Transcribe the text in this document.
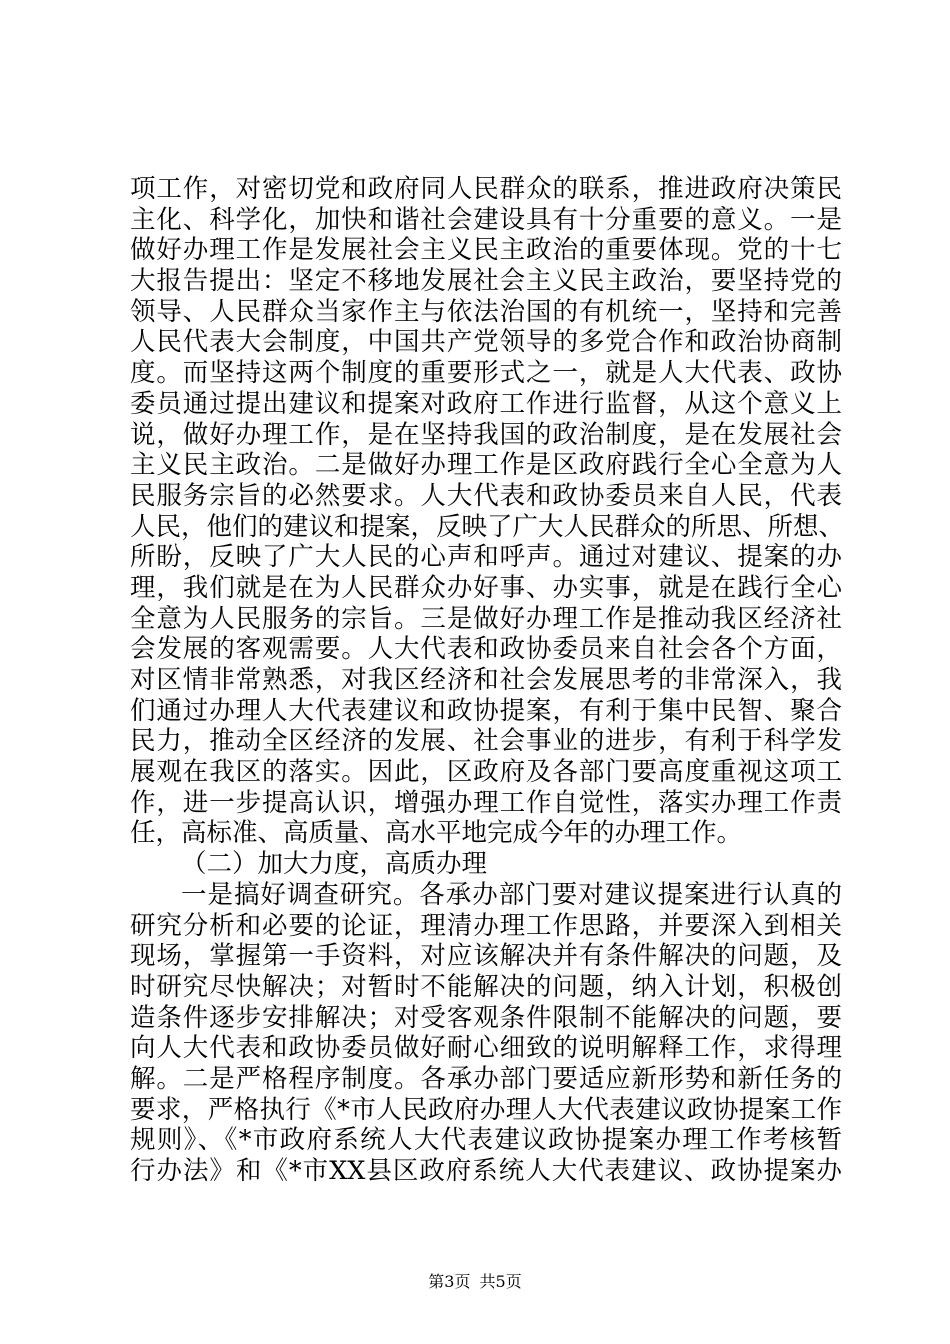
项工作，对密切党和政府同人民群众的联系，推进政府决策民
主化、科学化，加快和谐社会建设具有十分重要的意义。一是
做好办理工作是发展社会主义民主政治的重要体现。党的十七
大报告提出：坚定不移地发展社会主义民主政治，要坚持党的
领导、人民群众当家作主与依法治国的有机统一，坚持和完善
人民代表大会制度，中国共产党领导的多党合作和政治协商制
度。而坚持这两个制度的重要形式之一，就是人大代表、政协
委员通过提出建议和提案对政府工作进行监督，从这个意义上
说，做好办理工作，是在坚持我国的政治制度，是在发展社会
主义民主政治。二是做好办理工作是区政府践行全心全意为人
民服务宗旨的必然要求。人大代表和政协委员来自人民，代表
人民，他们的建议和提案，反映了广大人民群众的所思、所想、
所盼，反映了广大人民的心声和呼声。通过对建议、提案的办
理，我们就是在为人民群众办好事、办实事，就是在践行全心
全意为人民服务的宗旨。三是做好办理工作是推动我区经济社
会发展的客观需要。人大代表和政协委员来自社会各个方面，
对区情非常熟悉，对我区经济和社会发展思考的非常深入，我
们通过办理人大代表建议和政协提案，有利于集中民智、聚合
民力，推动全区经济的发展、社会事业的进步，有利于科学发
展观在我区的落实。因此，区政府及各部门要高度重视这项工
作，进一步提高认识，增强办理工作自觉性，落实办理工作责
任，高标准、高质量、高水平地完成今年的办理工作。
（二）加大力度，高质办理
一是搞好调查研究。各承办部门要对建议提案进行认真的
研究分析和必要的论证，理清办理工作思路，并要深入到相关
现场，掌握第一手资料，对应该解决并有条件解决的问题，及
时研究尽快解决；对暂时不能解决的问题，纳入计划，积极创
造条件逐步安排解决；对受客观条件限制不能解决的问题，要
向人大代表和政协委员做好耐心细致的说明解释工作，求得理
解。二是严格程序制度。各承办部门要适应新形势和新任务的
要求，严格执行《*市人民政府办理人大代表建议政协提案工作
规则》、《*市政府系统人大代表建议政协提案办理工作考核暂
行办法》和《*市XX县区政府系统人大代表建议、政协提案办
第3页 共5页
